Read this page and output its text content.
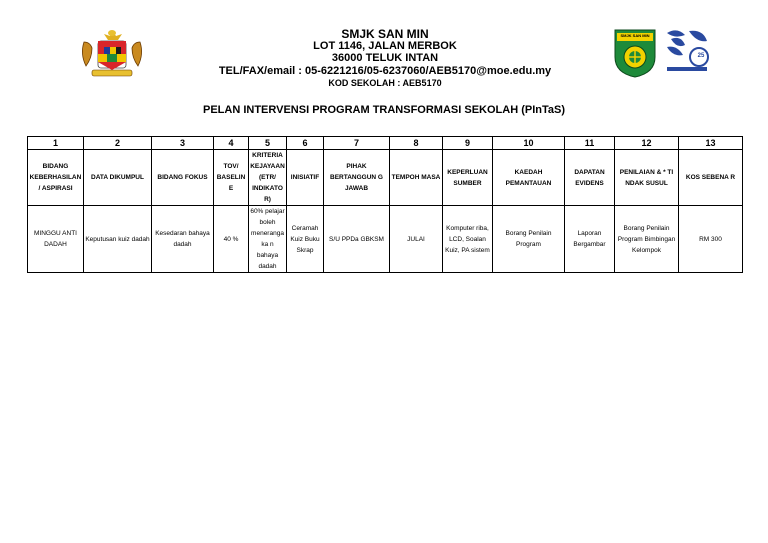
SMJK SAN MIN
LOT 1146, JALAN MERBOK
36000 TELUK INTAN
TEL/FAX/email : 05-6221216/05-6237060/AEB5170@moe.edu.my
KOD SEKOLAH : AEB5170
SMJK SAN MIN
25
PELAN INTERVENSI PROGRAM TRANSFORMASI SEKOLAH (PInTaS)
1	2	3	4	5	6	7	8	9	10	11	12	13
BIDANG KEBERHASILAN/ ASPIRASI	DATA DIKUMPUL	BIDANG FOKUS	TOV/ BASELINE	KRITERIA KEJAYAAN (ETR/ INDIKATOR)	INISIATIF	PIHAK BERTANGGUN G JAWAB	TEMPOH MASA	KEPERLUAN SUMBER	KAEDAH PEMANTAUAN	DAPATAN EVIDENS	PENILAIAN & * TI NDAK SUSUL	KOS SEBENA R
MINGGU ANTI DADAH	Keputusan kuiz dadah	Kesedaran bahaya dadah	40 %	60% pelajar boleh menerangaka n bahaya dadah	Ceramah Kuiz Buku Skrap	S/U PPDa GBKSM	JULAI	Komputer riba, LCD, Soalan Kuiz, PA sistem	Borang Penilain Program	Laporan Bergambar	Borang Penilain Program Bimbingan Kelompok	RM 300
